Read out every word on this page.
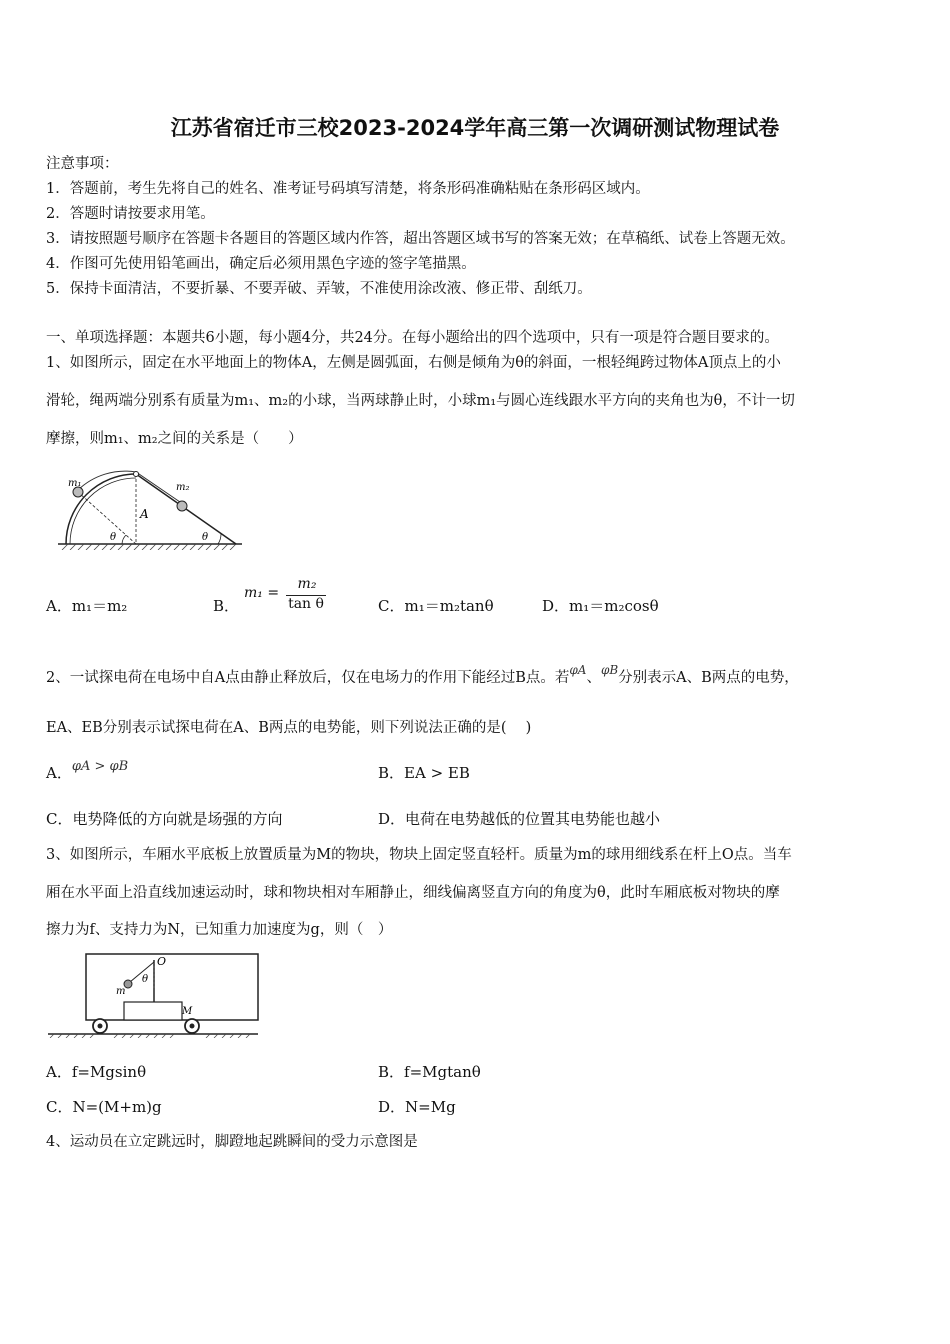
江苏省宿迁市三校2023-2024学年高三第一次调研测试物理试卷
注意事项：
1．答题前，考生先将自己的姓名、准考证号码填写清楚，将条形码准确粘贴在条形码区域内。
2．答题时请按要求用笔。
3．请按照题号顺序在答题卡各题目的答题区域内作答，超出答题区域书写的答案无效；在草稿纸、试卷上答题无效。
4．作图可先使用铅笔画出，确定后必须用黑色字迹的签字笔描黑。
5．保持卡面清洁，不要折暴、不要弄破、弄皱，不准使用涂改液、修正带、刮纸刀。
一、单项选择题：本题共6小题，每小题4分，共24分。在每小题给出的四个选项中，只有一项是符合题目要求的。
1、如图所示，固定在水平地面上的物体A，左侧是圆弧面，右侧是倾角为θ的斜面，一根轻绳跨过物体A顶点上的小
滑轮，绳两端分别系有质量为m₁、m₂的小球，当两球静止时，小球m₁与圆心连线跟水平方向的夹角也为θ，不计一切
摩擦，则m₁、m₂之间的关系是（　　）
m₁	m₂
A
θ	θ
A．m₁＝m₂	B．
m₁ =
m₂
tan θ	C．m₁＝m₂tanθ	D．m₁＝m₂cosθ
2、一试探电荷在电场中自A点由静止释放后，仅在电场力的作用下能经过B点。若$^{\varphi A}$、$^{\varphi B}$分别表示A、B两点的电势，
EA、EB分别表示试探电荷在A、B两点的电势能，则下列说法正确的是(　 )
A．φA > φB	B．EA > EB
C．电势降低的方向就是场强的方向	D．电荷在电势越低的位置其电势能也越小
3、如图所示，车厢水平底板上放置质量为M的物块，物块上固定竖直轻杆。质量为m的球用细线系在杆上O点。当车
厢在水平面上沿直线加速运动时，球和物块相对车厢静止，细线偏离竖直方向的角度为θ，此时车厢底板对物块的摩
擦力为f、支持力为N，已知重力加速度为g，则（　）
O
m
M
θ
A．f=Mgsinθ	B．f=Mgtanθ
C．N=(M+m)g	D．N=Mg
4、运动员在立定跳远时，脚蹬地起跳瞬间的受力示意图是
